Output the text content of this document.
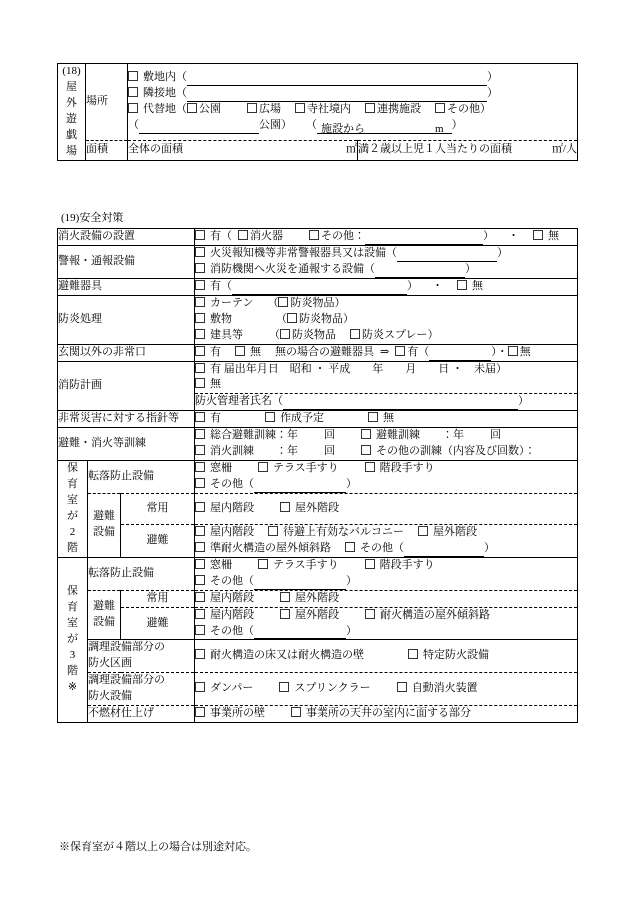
(18)
屋
外
遊
戯
場
	場所	
敷地内（	）
隣接地（	）
代替地（ 公園	広場 寺社境内 連携施設 その他）
（	公園） （ 施設から	m ）

	面積	全体の面積 ㎡	満２歳以上児１人当たりの面積 ㎡/人
(19)安全対策
消火設備の設置			有（ 消火器 その他： ） ・ 無
警報・通報設備			火災報知機等非常警報器具又は設備（ ）
消防機関へ火災を通報する設備（ ）

避難器具			有（ ） ・ 無
防炎処理			カーテン （ 防炎物品）
敷物 （ 防炎物品）
建具等 （ 防炎物品 防炎スプレー）

玄関以外の非常口			有 無 無の場合の避難器具 ⇒ 有（ ）・ 無
消防計画			有 届出年月日　昭和 ・ 平成　　年　　月　　日 ・　未届）
無

			防火管理者氏名（ ）
非常災害に対する指針等			有 作成予定 無
避難・消火等訓練			総合避難訓練：年 回 避難訓練　　：年 回
消火訓練　　：年 回 その他の訓練（内容及び回数）：

保
育
室
が
2
階
	転落防止設備	
窓柵	テラス手すり	階段手すり
その他（	）

	避難設備	常用	屋内階段 屋外階段
		避難	屋内階段 待避上有効なバルコニー 屋外階段
準耐火構造の屋外傾斜路 その他（ ）

保
育
室
が
3
階
※
	転落防止設備	
窓柵	テラス手すり	階段手すり
その他（	）

	避難設備	常用	屋内階段 屋外階段
		避難	屋内階段 屋外階段 耐火構造の屋外傾斜路
その他（ ）

	調理設備部分の
防火区画		耐火構造の床又は耐火構造の壁 特定防火設備

	調理設備部分の
防火設備		ダンパー スプリンクラー 自動消火装置
	不燃材仕上げ		事業所の壁 事業所の天井の室内に面する部分
※保育室が４階以上の場合は別途対応。
